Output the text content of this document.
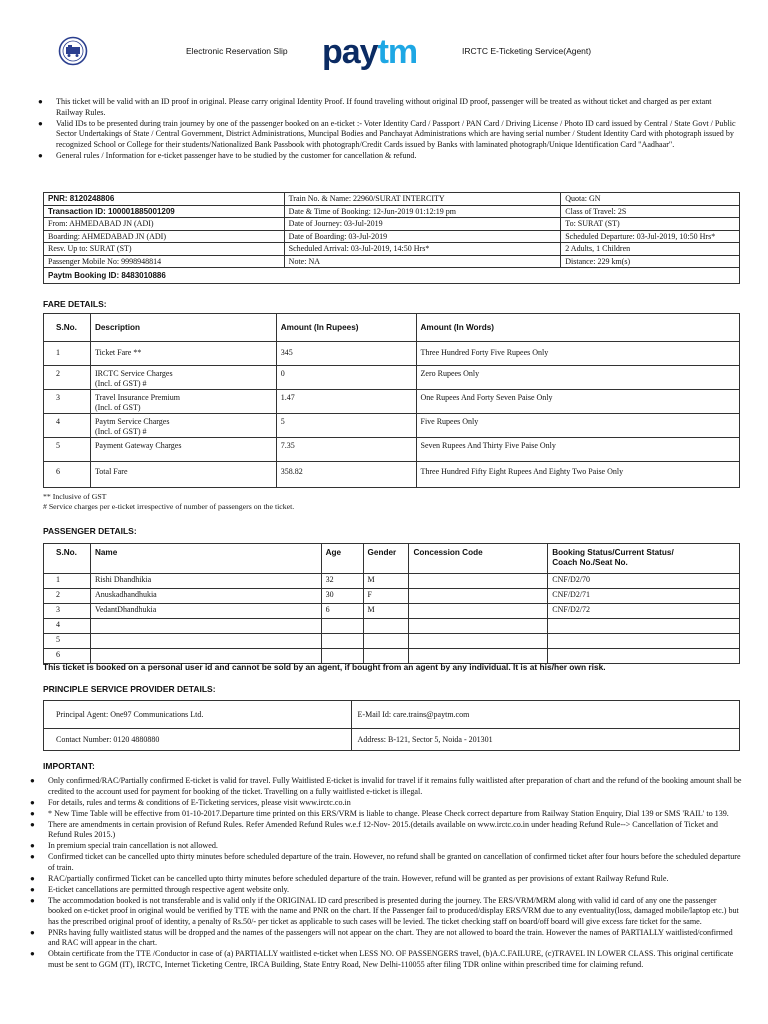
Electronic Reservation Slip paytm	IRCTC E-Ticketing Service(Agent)
● This ticket will be valid with an ID proof in original. Please carry original Identity Proof. If found traveling without original ID proof, passenger will be treated as without ticket and charged as per extant Railway Rules.
● Valid IDs to be presented during train journey by one of the passenger booked on an e-ticket :- Voter Identity Card / Passport / PAN Card / Driving License / Photo ID card issued by Central / State Govt / Public Sector Undertakings of State / Central Government, District Administrations, Muncipal Bodies and Panchayat Administrations which are having serial number / Student Identity Card with photograph issued by recognized School or College for their students/Nationalized Bank Passbook with photograph/Credit Cards issued by Banks with laminated photograph/Unique Identification Card "Aadhaar".
● General rules / Information for e-ticket passenger have to be studied by the customer for cancellation & refund.
PNR: 8120248806	Train No. & Name: 22960/SURAT INTERCITY	Quota: GN
Transaction ID: 100001885001209	Date & Time of Booking: 12-Jun-2019 01:12:19 pm	Class of Travel: 2S
From: AHMEDABAD JN (ADI)	Date of Journey: 03-Jul-2019	To: SURAT (ST)
Boarding: AHMEDABAD JN (ADI)	Date of Boarding: 03-Jul-2019	Scheduled Departure: 03-Jul-2019, 10:50 Hrs*
Resv. Up to: SURAT (ST)	Scheduled Arrival: 03-Jul-2019, 14:50 Hrs*	2 Adults, 1 Children
Passenger Mobile No: 9998948814	Note: NA	Distance: 229 km(s)
Paytm Booking ID: 8483010886		
FARE DETAILS:
S.No.	Description	Amount (In Rupees)	Amount (In Words)
1	Ticket Fare **	345	Three Hundred Forty Five Rupees Only
2	IRCTC Service Charges
(Incl. of GST) #	0	Zero Rupees Only
3	Travel Insurance Premium
(Incl. of GST)	1.47	One Rupees And Forty Seven Paise Only
4	Paytm Service Charges
(Incl. of GST) #	5	Five Rupees Only
5	Payment Gateway Charges	7.35	Seven Rupees And Thirty Five Paise Only
6	Total Fare	358.82	Three Hundred Fifty Eight Rupees And Eighty Two Paise Only
** Inclusive of GST
# Service charges per e-ticket irrespective of number of passengers on the ticket.
PASSENGER DETAILS:
S.No.	Name	Age	Gender	Concession Code	Booking Status/Current Status/
Coach No./Seat No.

1	Rishi Dhandhikia	32	M		CNF/D2/70
2	Anuskadhandhukia	30	F		CNF/D2/71
3	VedantDhandhukia	6	M		CNF/D2/72
4					
5					
6					
This ticket is booked on a personal user id and cannot be sold by an agent, if bought from an agent by any individual. It is at his/her own risk.
PRINCIPLE SERVICE PROVIDER DETAILS:
Principal Agent: One97 Communications Ltd.	E-Mail Id: care.trains@paytm.com
Contact Number: 0120 4880880	Address: B-121, Sector 5, Noida - 201301
IMPORTANT:
● Only confirmed/RAC/Partially confirmed E-ticket is valid for travel. Fully Waitlisted E-ticket is invalid for travel if it remains fully waitlisted after preparation of chart and the refund of the booking amount shall be credited to the account used for payment for booking of the ticket. Travelling on a fully waitlisted e-ticket is illegal.
● For details, rules and terms & conditions of E-Ticketing services, please visit www.irctc.co.in
● * New Time Table will be effective from 01-10-2017.Departure time printed on this ERS/VRM is liable to change. Please Check correct departure from Railway Station Enquiry, Dial 139 or SMS 'RAIL' to 139.
● There are amendments in certain provision of Refund Rules. Refer Amended Refund Rules w.e.f 12-Nov- 2015.(details available on www.irctc.co.in under heading Refund Rule--> Cancellation of Ticket and Refund Rules 2015.)
● In premium special train cancellation is not allowed.
● Confirmed ticket can be cancelled upto thirty minutes before scheduled departure of the train. However, no refund shall be granted on cancellation of confirmed ticket after four hours before the scheduled departure of train.
● RAC/partially confirmed Ticket can be cancelled upto thirty minutes before scheduled departure of the train. However, refund will be granted as per provisions of extant Railway Refund Rule.
● E-ticket cancellations are permitted through respective agent website only.
● The accommodation booked is not transferable and is valid only if the ORIGINAL ID card prescribed is presented during the journey. The ERS/VRM/MRM along with valid id card of any one the passenger booked on e-ticket proof in original would be verified by TTE with the name and PNR on the chart. If the Passenger fail to produced/display ERS/VRM due to any eventuality(loss, damaged mobile/laptop etc.) but has the prescribed original proof of identity, a penalty of Rs.50/- per ticket as applicable to such cases will be levied. The ticket checking staff on board/off board will give excess fare ticket for the same.
● PNRs having fully waitlisted status will be dropped and the names of the passengers will not appear on the chart. They are not allowed to board the train. However the names of PARTIALLY waitlisted/confirmed and RAC will appear in the chart.
● Obtain certificate from the TTE /Conductor in case of (a) PARTIALLY waitlisted e-ticket when LESS NO. OF PASSENGERS travel, (b)A.C.FAILURE, (c)TRAVEL IN LOWER CLASS. This original certificate must be sent to GGM (IT), IRCTC, Internet Ticketing Centre, IRCA Building, State Entry Road, New Delhi-110055 after filing TDR online within prescribed time for claiming refund.
